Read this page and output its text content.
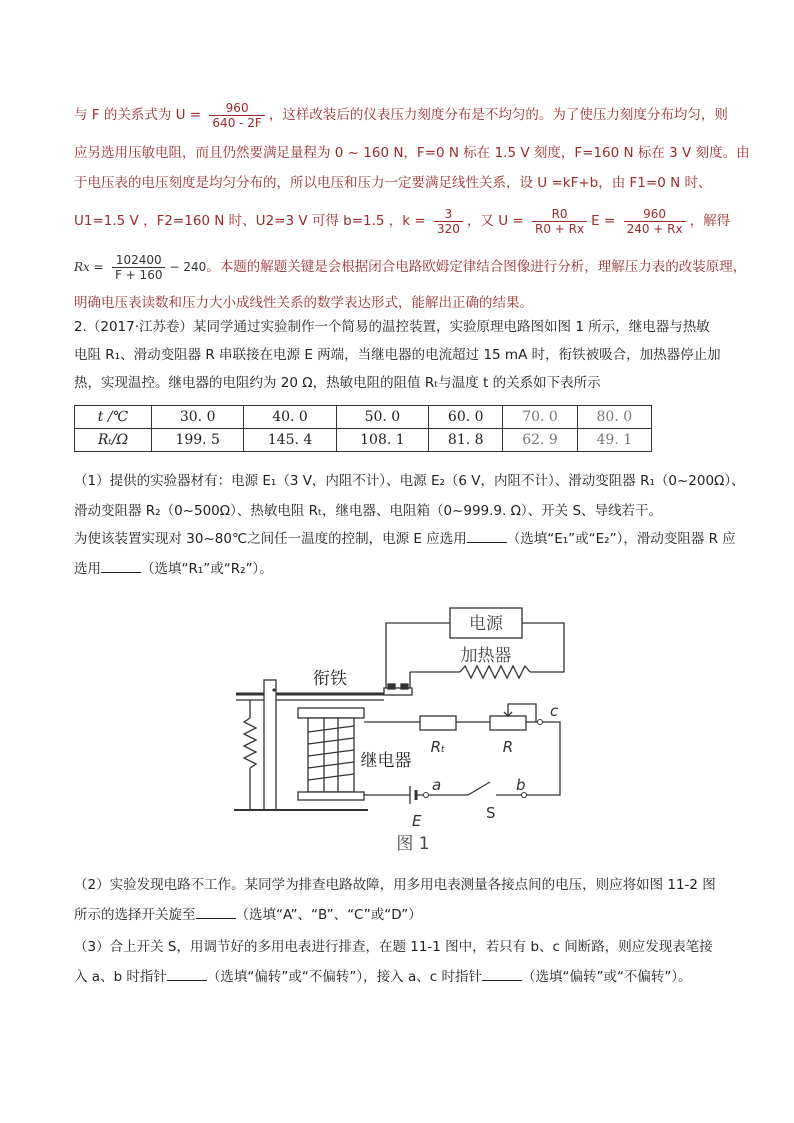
与 F 的关系式为 $U = \frac{960}{640 - 2F}$ ，这样改装后的仪表压力刻度分布是不均匀的。为了使压力刻度分布均匀，则
应另选用压敏电阻，而且仍然要满足量程为 0 ~ 160 N，F=0 N 标在 1.5 V 刻度，F=160 N 标在 3 V 刻度。由
于电压表的电压刻度是均匀分布的，所以电压和压力一定要满足线性关系，设 U =kF+b，由 F1=0 N 时、
U1=1.5 V ，F2=160 N 时、U2=3 V 可得 b=1.5 ，$k = \frac{3}{320}$ ，又 $U = \frac{R0}{R0 + Rx}$ $E = \frac{960}{240 + Rx}$ ，解得
$Rx = \frac{102400}{F + 160} - 240$。本题的解题关键是会根据闭合电路欧姆定律结合图像进行分析，理解压力表的改装原理，
明确电压表读数和压力大小成线性关系的数学表达形式，能解出正确的结果。
2.（2017·江苏卷）某同学通过实验制作一个简易的温控装置，实验原理电路图如图 1 所示，继电器与热敏
电阻 R₁、滑动变阻器 R 串联接在电源 E 两端，当继电器的电流超过 15 mA 时，衔铁被吸合，加热器停止加
热，实现温控。继电器的电阻约为 20 Ω，热敏电阻的阻值 Rₜ与温度 t 的关系如下表所示
t /℃	30. 0	40. 0	50. 0	60. 0	70. 0	80. 0
Rₜ/Ω	199. 5	145. 4	108. 1	81. 8	62. 9	49. 1
（1）提供的实验器材有：电源 E₁（3 V，内阻不计）、电源 E₂（6 V，内阻不计）、滑动变阻器 R₁（0~200Ω）、
滑动变阻器 R₂（0~500Ω）、热敏电阻 Rₜ，继电器、电阻箱（0~999.9. Ω）、开关 S、导线若干。
为使该装置实现对 30~80℃之间任一温度的控制，电源 E 应选用	（选填“E₁”或“E₂”），滑动变阻器 R 应
选用	（选填“R₁”或“R₂”）。
电源
加热器
衔铁
继电器
Rₜ	R
c
a	b
S
E
图 1
（2）实验发现电路不工作。某同学为排查电路故障，用多用电表测量各接点间的电压，则应将如图 11-2 图
所示的选择开关旋至	（选填“A”、“B”、“C”或“D”）
（3）合上开关 S，用调节好的多用电表进行排查，在题 11-1 图中，若只有 b、c 间断路，则应发现表笔接
入 a、b 时指针	（选填“偏转”或“不偏转”），接入 a、c 时指针	（选填“偏转”或“不偏转”）。
